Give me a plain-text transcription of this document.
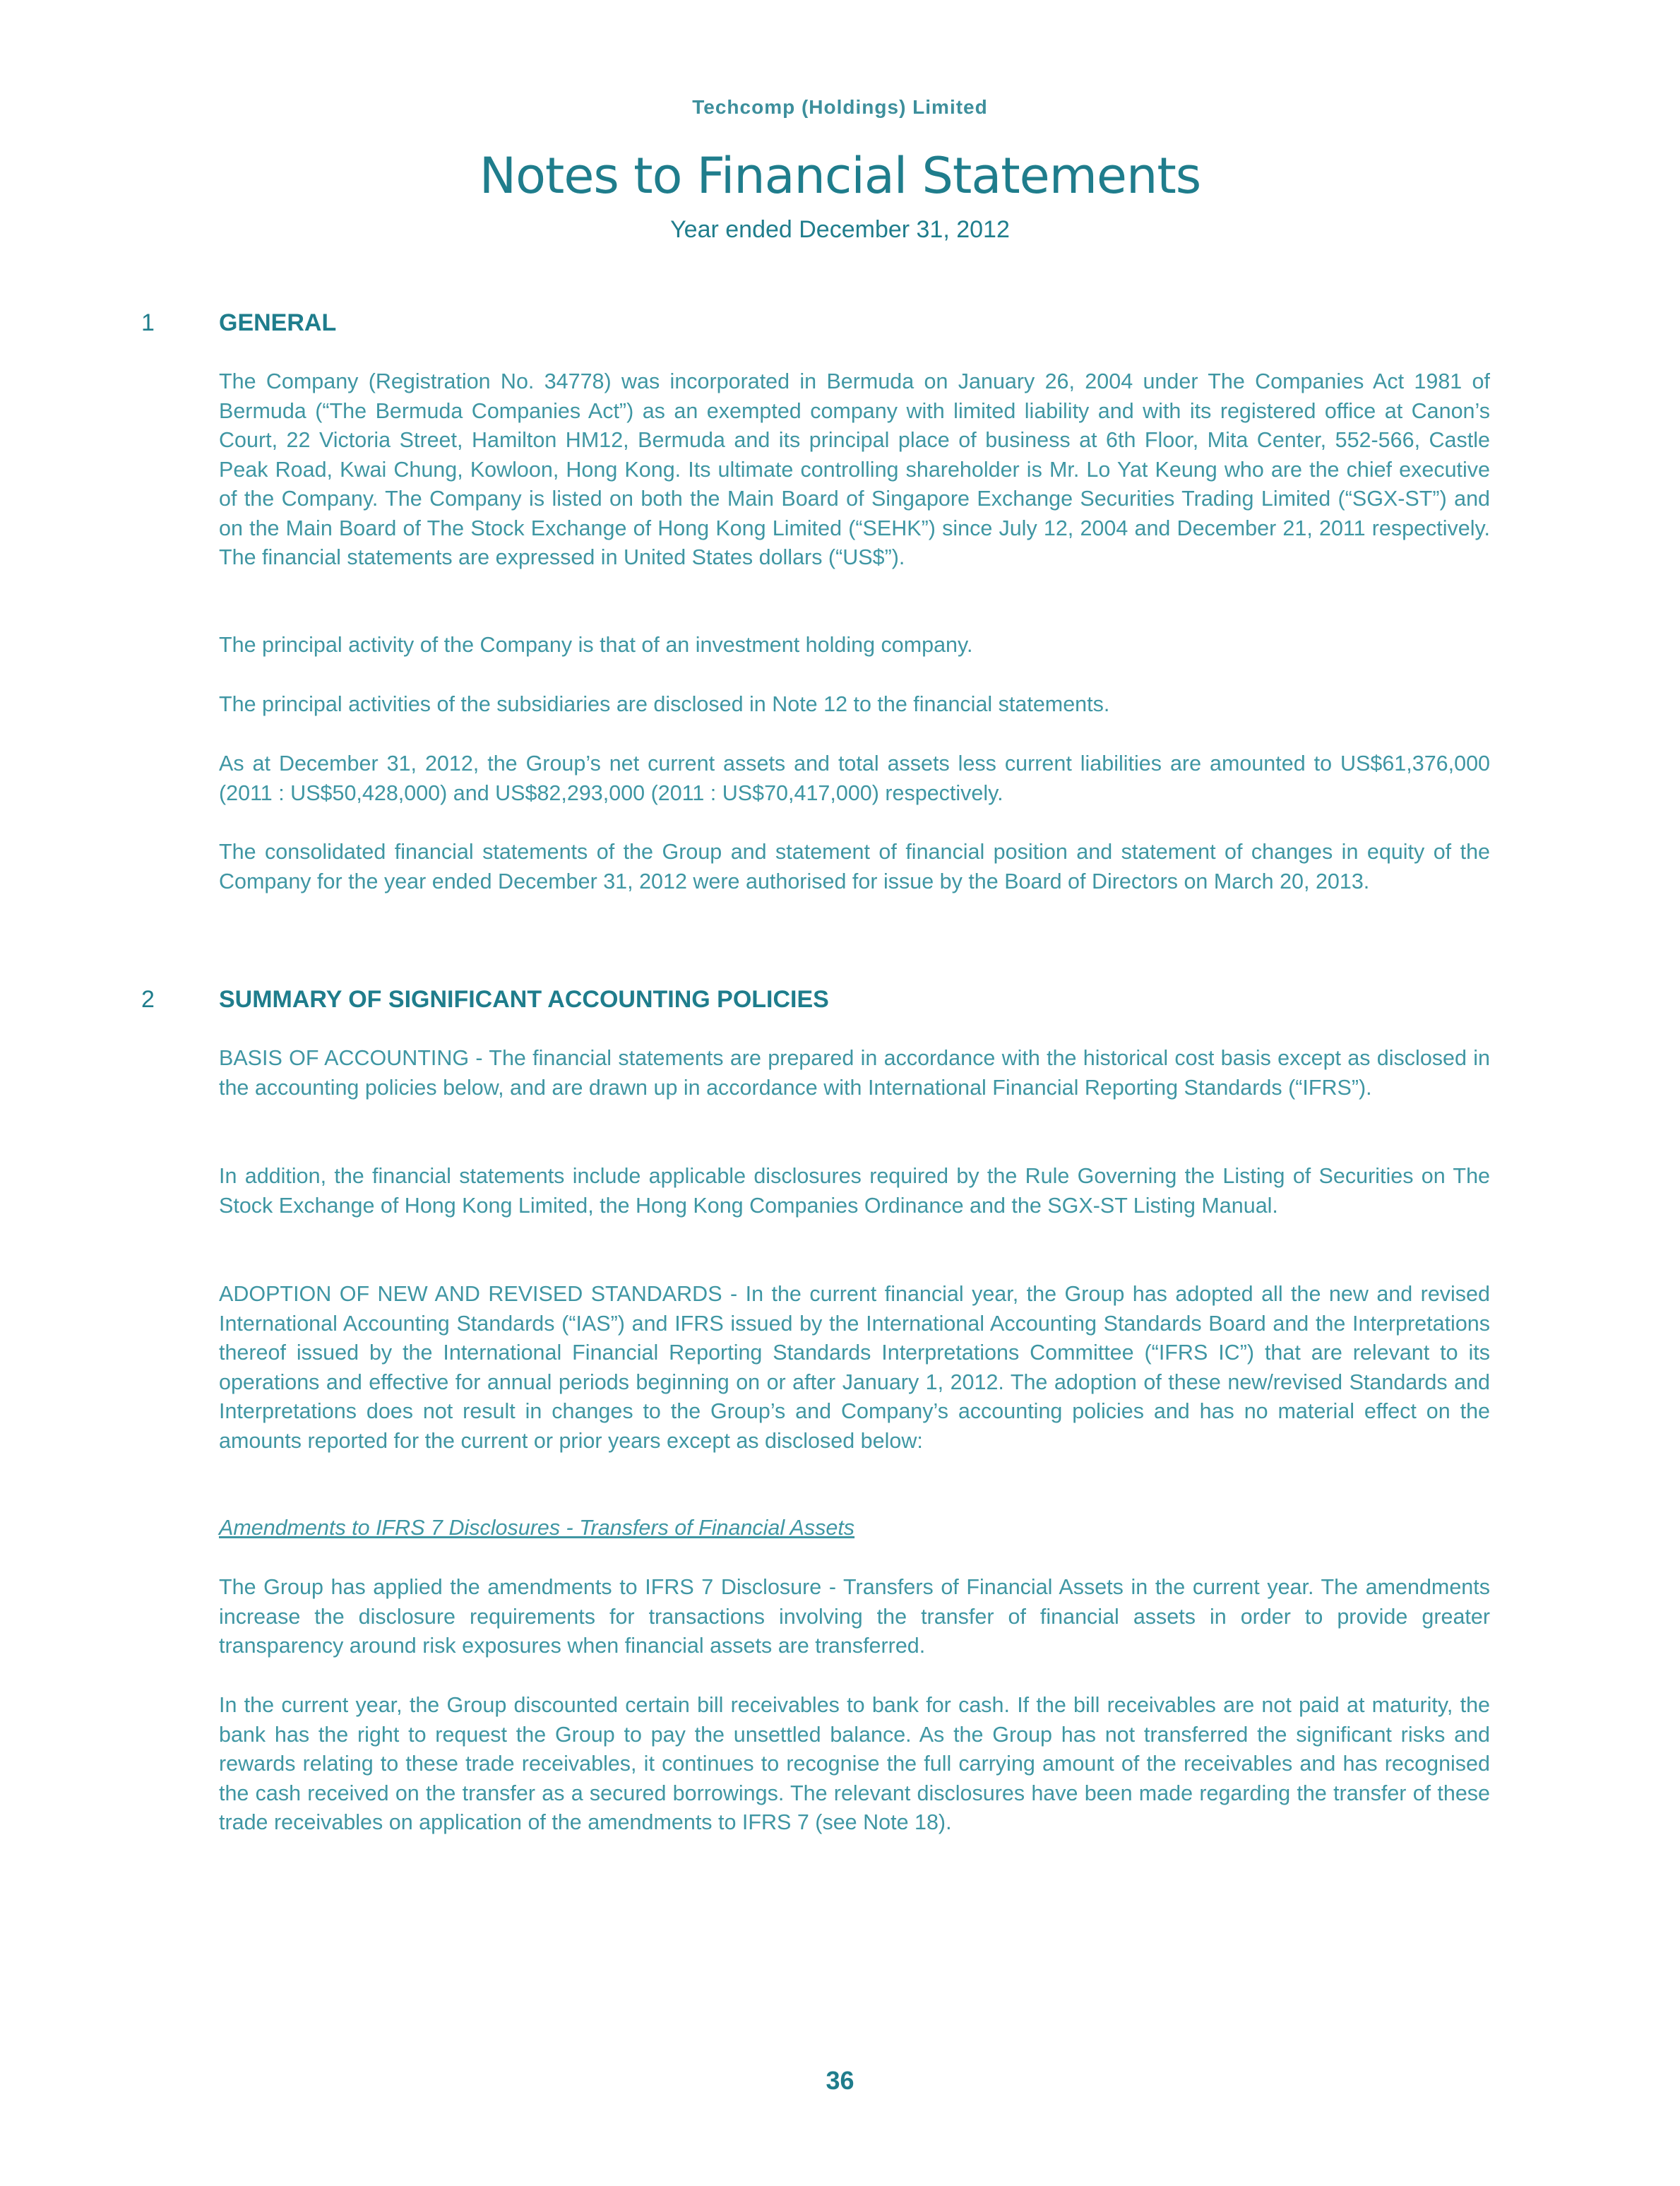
Techcomp (Holdings) Limited
Notes to Financial Statements
Year ended December 31, 2012
1	GENERAL
The Company (Registration No. 34778) was incorporated in Bermuda on January 26, 2004 under The Companies Act 1981 of Bermuda (“The Bermuda Companies Act”) as an exempted company with limited liability and with its registered office at Canon’s Court, 22 Victoria Street, Hamilton HM12, Bermuda and its principal place of business at 6th Floor, Mita Center, 552-566, Castle Peak Road, Kwai Chung, Kowloon, Hong Kong. Its ultimate controlling shareholder is Mr. Lo Yat Keung who are the chief executive of the Company. The Company is listed on both the Main Board of Singapore Exchange Securities Trading Limited (“SGX-ST”) and on the Main Board of The Stock Exchange of Hong Kong Limited (“SEHK”) since July 12, 2004 and December 21, 2011 respectively. The financial statements are expressed in United States dollars (“US$”).
The principal activity of the Company is that of an investment holding company.
The principal activities of the subsidiaries are disclosed in Note 12 to the financial statements.
As at December 31, 2012, the Group’s net current assets and total assets less current liabilities are amounted to US$61,376,000 (2011 : US$50,428,000) and US$82,293,000 (2011 : US$70,417,000) respectively.
The consolidated financial statements of the Group and statement of financial position and statement of changes in equity of the Company for the year ended December 31, 2012 were authorised for issue by the Board of Directors on March 20, 2013.
2	SUMMARY OF SIGNIFICANT ACCOUNTING POLICIES
BASIS OF ACCOUNTING - The financial statements are prepared in accordance with the historical cost basis except as disclosed in the accounting policies below, and are drawn up in accordance with International Financial Reporting Standards (“IFRS”).
In addition, the financial statements include applicable disclosures required by the Rule Governing the Listing of Securities on The Stock Exchange of Hong Kong Limited, the Hong Kong Companies Ordinance and the SGX-ST Listing Manual.
ADOPTION OF NEW AND REVISED STANDARDS - In the current financial year, the Group has adopted all the new and revised International Accounting Standards (“IAS”) and IFRS issued by the International Accounting Standards Board and the Interpretations thereof issued by the International Financial Reporting Standards Interpretations Committee (“IFRS IC”) that are relevant to its operations and effective for annual periods beginning on or after January 1, 2012. The adoption of these new/revised Standards and Interpretations does not result in changes to the Group’s and Company’s accounting policies and has no material effect on the amounts reported for the current or prior years except as disclosed below:
Amendments to IFRS 7 Disclosures - Transfers of Financial Assets
The Group has applied the amendments to IFRS 7 Disclosure - Transfers of Financial Assets in the current year. The amendments increase the disclosure requirements for transactions involving the transfer of financial assets in order to provide greater transparency around risk exposures when financial assets are transferred.
In the current year, the Group discounted certain bill receivables to bank for cash. If the bill receivables are not paid at maturity, the bank has the right to request the Group to pay the unsettled balance. As the Group has not transferred the significant risks and rewards relating to these trade receivables, it continues to recognise the full carrying amount of the receivables and has recognised the cash received on the transfer as a secured borrowings. The relevant disclosures have been made regarding the transfer of these trade receivables on application of the amendments to IFRS 7 (see Note 18).
36
